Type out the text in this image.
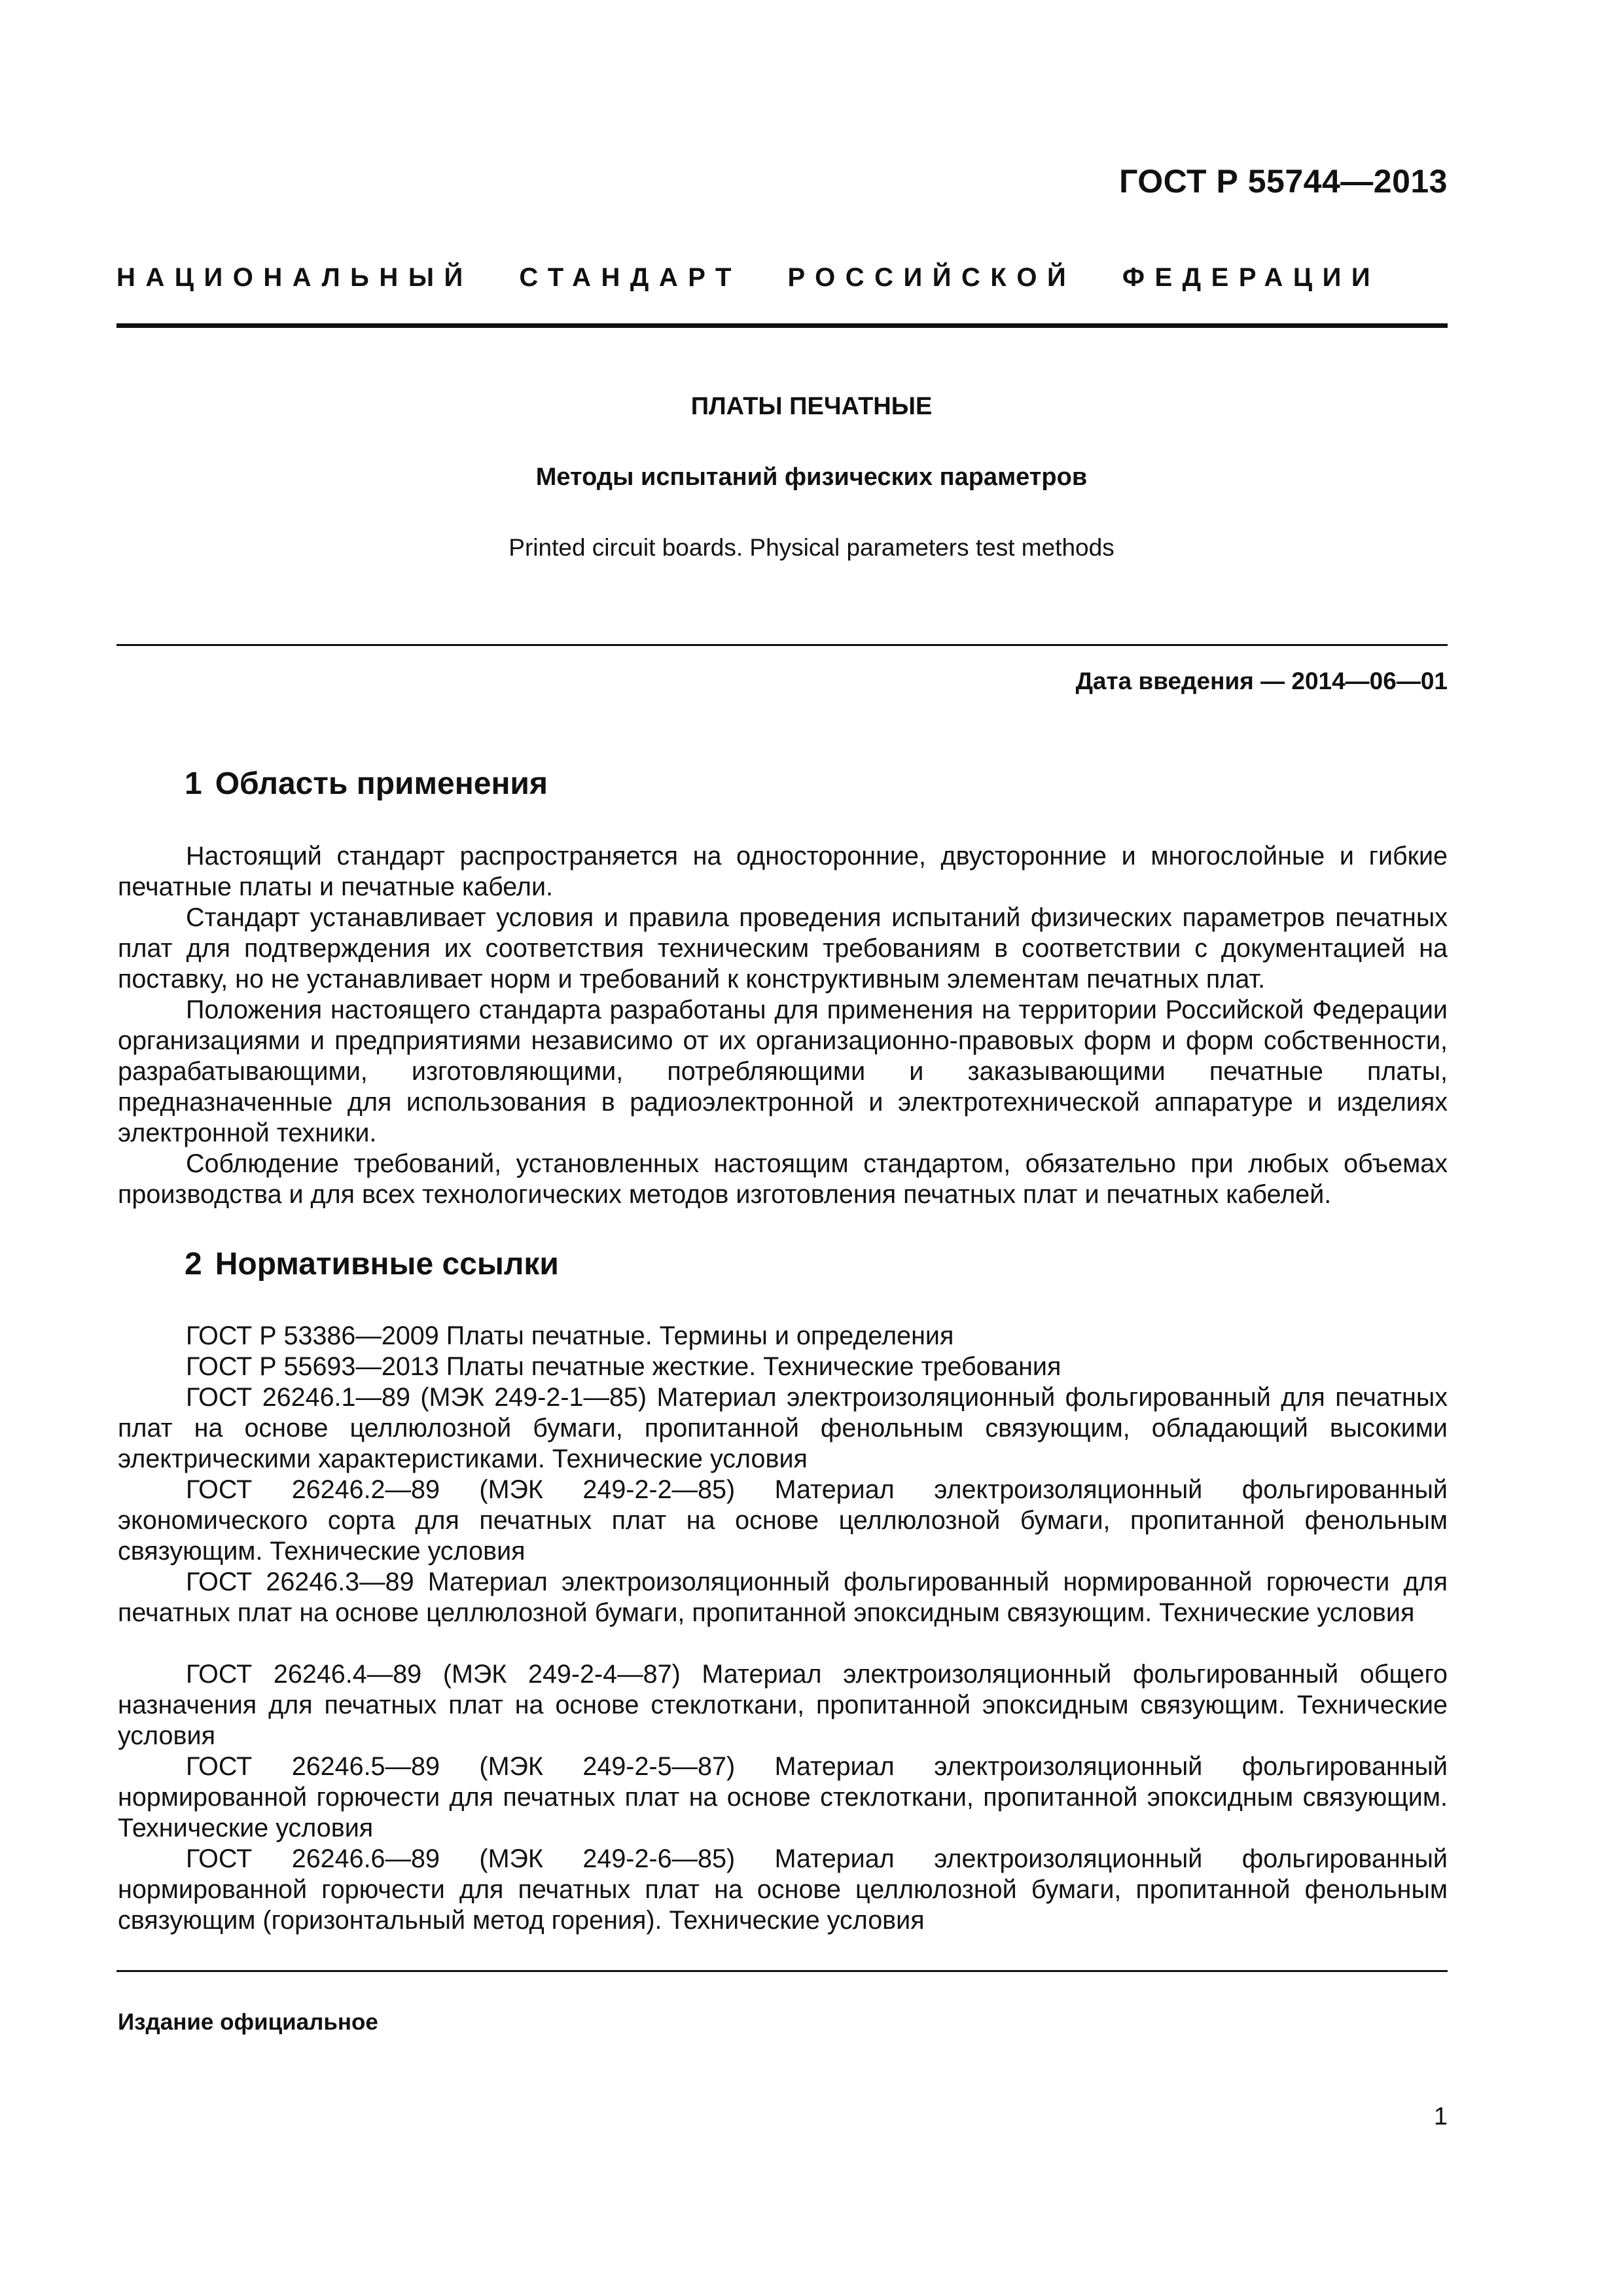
ГОСТ Р 55744—2013
НАЦИОНАЛЬНЫЙ СТАНДАРТ РОССИЙСКОЙ ФЕДЕРАЦИИ
ПЛАТЫ ПЕЧАТНЫЕ
Методы испытаний физических параметров
Printed circuit boards. Physical parameters test methods
Дата введения — 2014—06—01
1 Область применения

Настоящий стандарт распространяется на односторонние, двусторонние и многослойные и гибкие печатные платы и печатные кабели.

Стандарт устанавливает условия и правила проведения испытаний физических параметров печатных плат для подтверждения их соответствия техническим требованиям в соответствии с документацией на поставку, но не устанавливает норм и требований к конструктивным элементам печатных плат.

Положения настоящего стандарта разработаны для применения на территории Российской Федерации организациями и предприятиями независимо от их организационно-правовых форм и форм собственности, разрабатывающими, изготовляющими, потребляющими и заказывающими печатные платы, предназначенные для использования в радиоэлектронной и электротехнической аппаратуре и изделиях электронной техники.

Соблюдение требований, установленных настоящим стандартом, обязательно при любых объемах производства и для всех технологических методов изготовления печатных плат и печатных кабелей.

2 Нормативные ссылки

ГОСТ Р 53386—2009 Платы печатные. Термины и определения

ГОСТ Р 55693—2013 Платы печатные жесткие. Технические требования

ГОСТ 26246.1—89 (МЭК 249-2-1—85) Материал электроизоляционный фольгированный для печатных плат на основе целлюлозной бумаги, пропитанной фенольным связующим, обладающий высокими электрическими характеристиками. Технические условия

ГОСТ 26246.2—89 (МЭК 249-2-2—85) Материал электроизоляционный фольгированный экономического сорта для печатных плат на основе целлюлозной бумаги, пропитанной фенольным связующим. Технические условия

ГОСТ 26246.3—89 Материал электроизоляционный фольгированный нормированной горючести для печатных плат на основе целлюлозной бумаги, пропитанной эпоксидным связующим. Технические условия

ГОСТ 26246.4—89 (МЭК 249-2-4—87) Материал электроизоляционный фольгированный общего назначения для печатных плат на основе стеклоткани, пропитанной эпоксидным связующим. Технические условия

ГОСТ 26246.5—89 (МЭК 249-2-5—87) Материал электроизоляционный фольгированный нормированной горючести для печатных плат на основе стеклоткани, пропитанной эпоксидным связующим. Технические условия

ГОСТ 26246.6—89 (МЭК 249-2-6—85) Материал электроизоляционный фольгированный нормированной горючести для печатных плат на основе целлюлозной бумаги, пропитанной фенольным связующим (горизонтальный метод горения). Технические условия

Издание официальное
1
